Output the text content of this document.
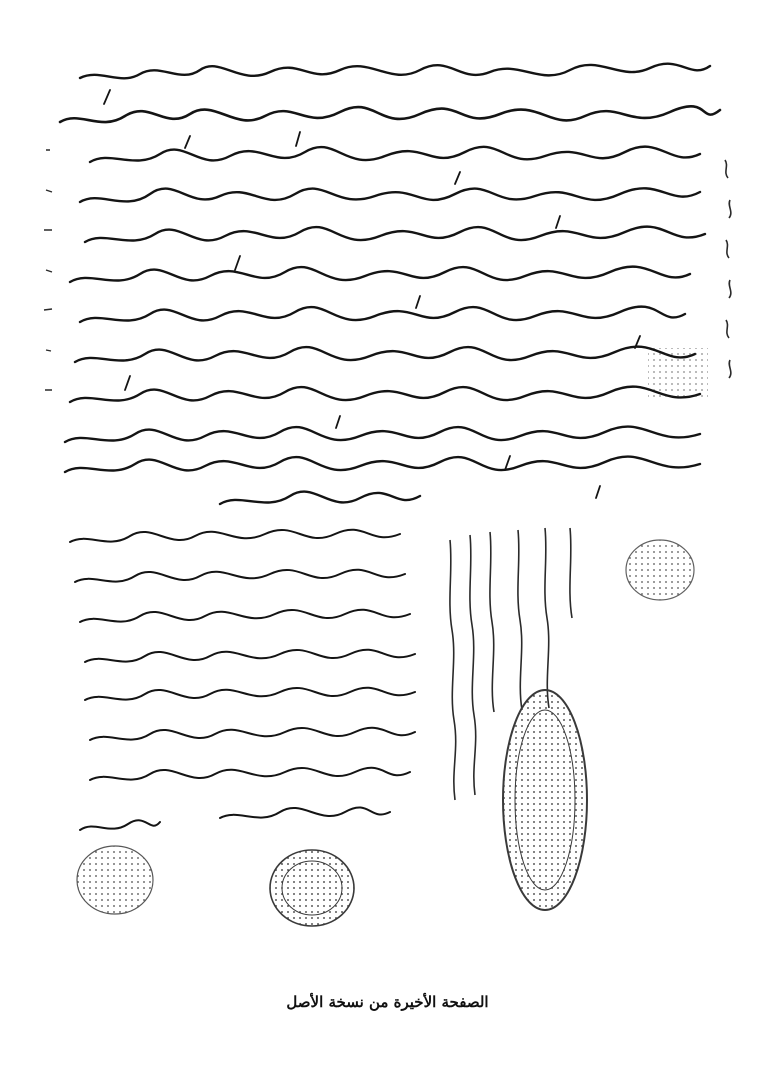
الصفحة الأخيرة من نسخة الأصل
